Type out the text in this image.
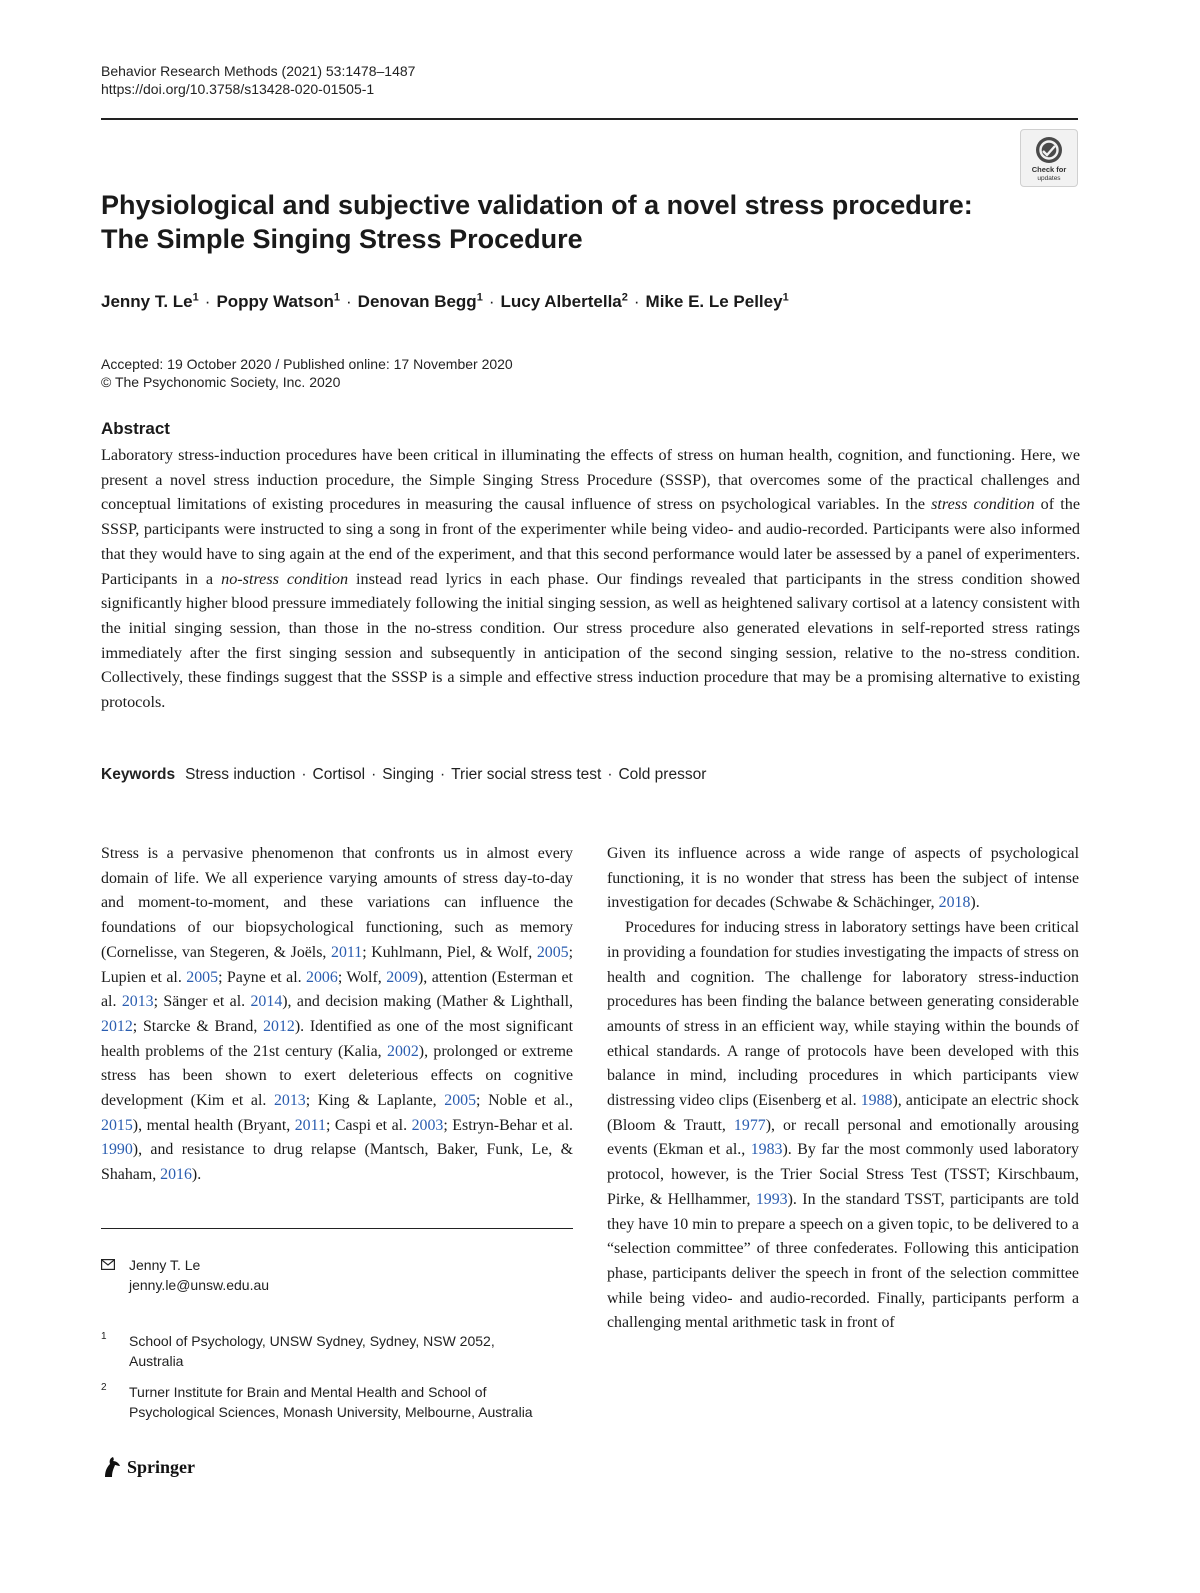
Behavior Research Methods (2021) 53:1478–1487
https://doi.org/10.3758/s13428-020-01505-1
Check for
updates
Physiological and subjective validation of a novel stress procedure:
The Simple Singing Stress Procedure
Jenny T. $Le^1$ · Poppy Watson$^1$ · Denovan Begg$^1$ · Lucy Albertella$^2$ · Mike E. Le Pelley$^1$
Accepted: 19 October 2020 / Published online: 17 November 2020
© The Psychonomic Society, Inc. 2020
Abstract
Laboratory stress-induction procedures have been critical in illuminating the effects of stress on human health, cognition, and functioning. Here, we present a novel stress induction procedure, the Simple Singing Stress Procedure (SSSP), that overcomes some of the practical challenges and conceptual limitations of existing procedures in measuring the causal influence of stress on psychological variables. In the stress condition of the SSSP, participants were instructed to sing a song in front of the experimenter while being video- and audio-recorded. Participants were also informed that they would have to sing again at the end of the experiment, and that this second performance would later be assessed by a panel of experimenters. Participants in a no-stress condition instead read lyrics in each phase. Our findings revealed that participants in the stress condition showed significantly higher blood pressure immediately following the initial singing session, as well as heightened salivary cortisol at a latency consistent with the initial singing session, than those in the no-stress condition. Our stress procedure also generated elevations in self-reported stress ratings immediately after the first singing session and subsequently in anticipation of the second singing session, relative to the no-stress condition. Collectively, these findings suggest that the SSSP is a simple and effective stress induction procedure that may be a promising alternative to existing protocols.
Keywords Stress induction · Cortisol · Singing · Trier social stress test · Cold pressor

Stress is a pervasive phenomenon that confronts us in almost every domain of life. We all experience varying amounts of stress day-to-day and moment-to-moment, and these variations can influence the foundations of our biopsychological functioning, such as memory (Cornelisse, van Stegeren, & Joëls, 2011; Kuhlmann, Piel, & Wolf, 2005; Lupien et al. 2005; Payne et al. 2006; Wolf, 2009), attention (Esterman et al. 2013; Sänger et al. 2014), and decision making (Mather & Lighthall, 2012; Starcke & Brand, 2012). Identified as one of the most significant health problems of the 21st century (Kalia, 2002), prolonged or extreme stress has been shown to exert deleterious effects on cognitive development (Kim et al. 2013; King & Laplante, 2005; Noble et al., 2015), mental health (Bryant, 2011; Caspi et al. 2003; Estryn-Behar et al. 1990), and resistance to drug relapse (Mantsch, Baker, Funk, Le, & Shaham, 2016).

Given its influence across a wide range of aspects of psychological functioning, it is no wonder that stress has been the subject of intense investigation for decades (Schwabe & Schächinger, 2018).

Procedures for inducing stress in laboratory settings have been critical in providing a foundation for studies investigating the impacts of stress on health and cognition. The challenge for laboratory stress-induction procedures has been finding the balance between generating considerable amounts of stress in an efficient way, while staying within the bounds of ethical standards. A range of protocols have been developed with this balance in mind, including procedures in which participants view distressing video clips (Eisenberg et al. 1988), anticipate an electric shock (Bloom & Trautt, 1977), or recall personal and emotionally arousing events (Ekman et al., 1983). By far the most commonly used laboratory protocol, however, is the Trier Social Stress Test (TSST; Kirschbaum, Pirke, & Hellhammer, 1993). In the standard TSST, participants are told they have 10 min to prepare a speech on a given topic, to be delivered to a “selection committee” of three confederates. Following this anticipation phase, participants deliver the speech in front of the selection committee while being video- and audio-recorded. Finally, participants perform a challenging mental arithmetic task in front of

Jenny T. Le
jenny.le@unsw.edu.au
1 School of Psychology, UNSW Sydney, Sydney, NSW 2052,
Australia
2 Turner Institute for Brain and Mental Health and School of
Psychological Sciences, Monash University, Melbourne, Australia
Springer
